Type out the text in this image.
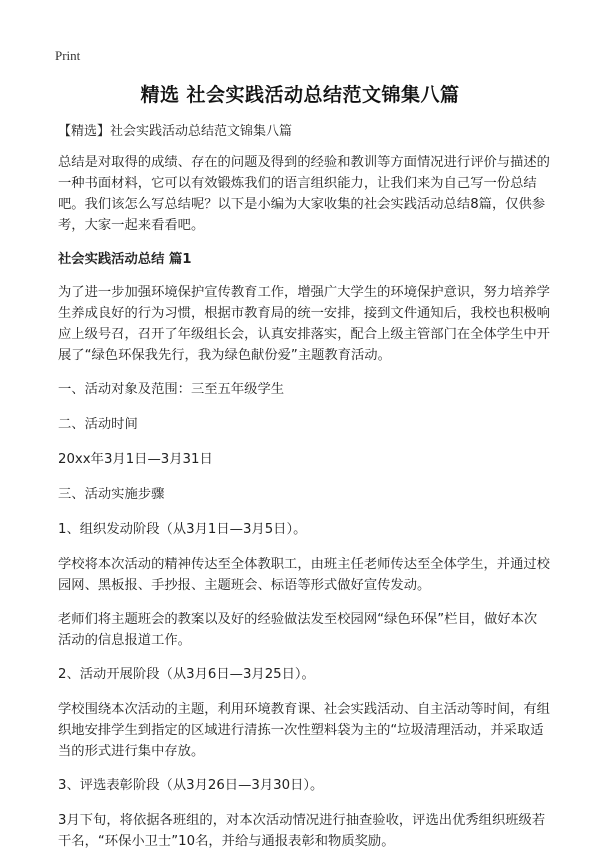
Print
精选 社会实践活动总结范文锦集八篇

【精选】社会实践活动总结范文锦集八篇

总结是对取得的成绩、存在的问题及得到的经验和教训等方面情况进行评价与描述的一种书面材料，它可以有效锻炼我们的语言组织能力，让我们来为自己写一份总结吧。我们该怎么写总结呢？以下是小编为大家收集的社会实践活动总结8篇，仅供参考，大家一起来看看吧。

社会实践活动总结 篇1

为了进一步加强环境保护宣传教育工作，增强广大学生的环境保护意识，努力培养学生养成良好的行为习惯，根据市教育局的统一安排，接到文件通知后，我校也积极响应上级号召，召开了年级组长会，认真安排落实，配合上级主管部门在全体学生中开展了“绿色环保我先行，我为绿色献份爱”主题教育活动。

一、活动对象及范围：三至五年级学生

二、活动时间

20xx年3月1日—3月31日

三、活动实施步骤

1、组织发动阶段（从3月1日—3月5日）。

学校将本次活动的精神传达至全体教职工，由班主任老师传达至全体学生，并通过校园网、黑板报、手抄报、主题班会、标语等形式做好宣传发动。

老师们将主题班会的教案以及好的经验做法发至校园网“绿色环保”栏目，做好本次活动的信息报道工作。

2、活动开展阶段（从3月6日—3月25日）。

学校围绕本次活动的主题，利用环境教育课、社会实践活动、自主活动等时间，有组织地安排学生到指定的区域进行清拣一次性塑料袋为主的“垃圾清理活动，并采取适当的形式进行集中存放。

3、评选表彰阶段（从3月26日—3月30日）。

3月下旬，将依据各班组的，对本次活动情况进行抽查验收，评选出优秀组织班级若干名，“环保小卫士”10名，并给与通报表彰和物质奖励。
